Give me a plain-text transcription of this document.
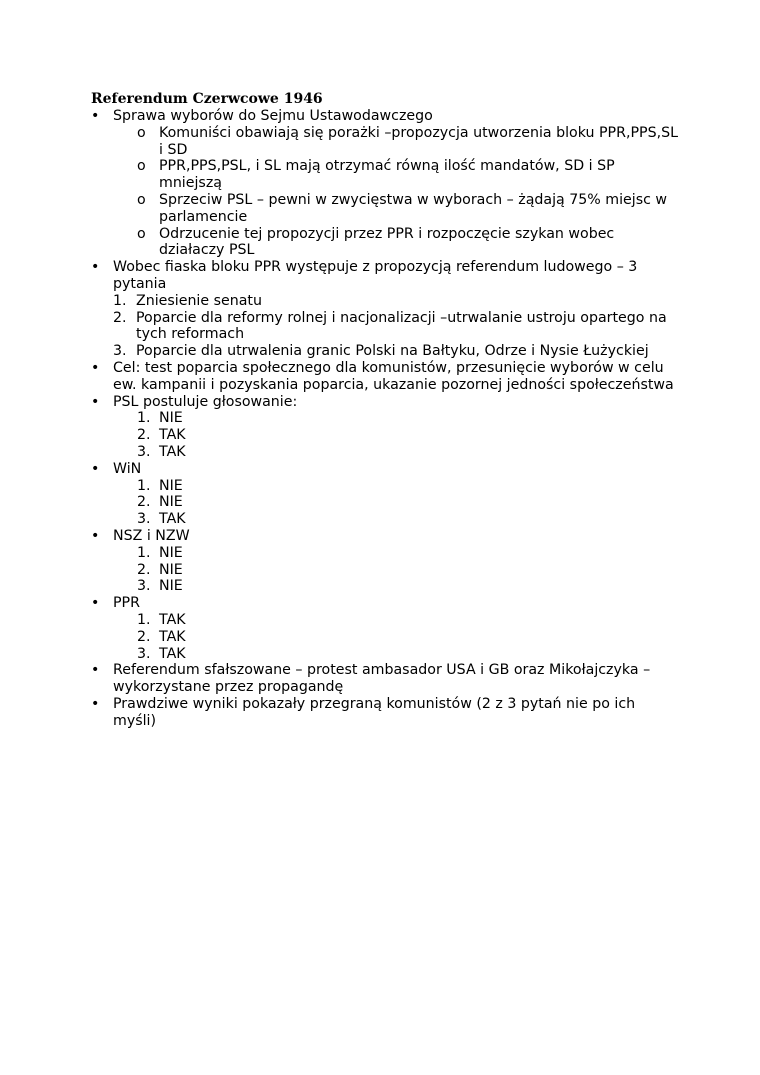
Referendum Czerwcowe 1946
• Sprawa wyborów do Sejmu Ustawodawczego
o Komuniści obawiają się porażki –propozycja utworzenia bloku PPR,PPS,SL i SD
o PPR,PPS,PSL, i SL mają otrzymać równą ilość mandatów, SD i SP mniejszą
o Sprzeciw PSL – pewni w zwycięstwa w wyborach – żądają 75% miejsc w parlamencie
o Odrzucenie tej propozycji przez PPR i rozpoczęcie szykan wobec działaczy PSL
• Wobec fiaska bloku PPR występuje z propozycją referendum ludowego – 3 pytania
1. Zniesienie senatu
2. Poparcie dla reformy rolnej i nacjonalizacji –utrwalanie ustroju opartego na tych reformach
3. Poparcie dla utrwalenia granic Polski na Bałtyku, Odrze i Nysie Łużyckiej
• Cel: test poparcia społecznego dla komunistów, przesunięcie wyborów w celu ew. kampanii i pozyskania poparcia, ukazanie pozornej jedności społeczeństwa
• PSL postuluje głosowanie:
1. NIE
2. TAK
3. TAK
• WiN
1. NIE
2. NIE
3. TAK
• NSZ i NZW
1. NIE
2. NIE
3. NIE
• PPR
1. TAK
2. TAK
3. TAK
• Referendum sfałszowane – protest ambasador USA i GB oraz Mikołajczyka – wykorzystane przez propagandę
• Prawdziwe wyniki pokazały przegraną komunistów (2 z 3 pytań nie po ich myśli)
